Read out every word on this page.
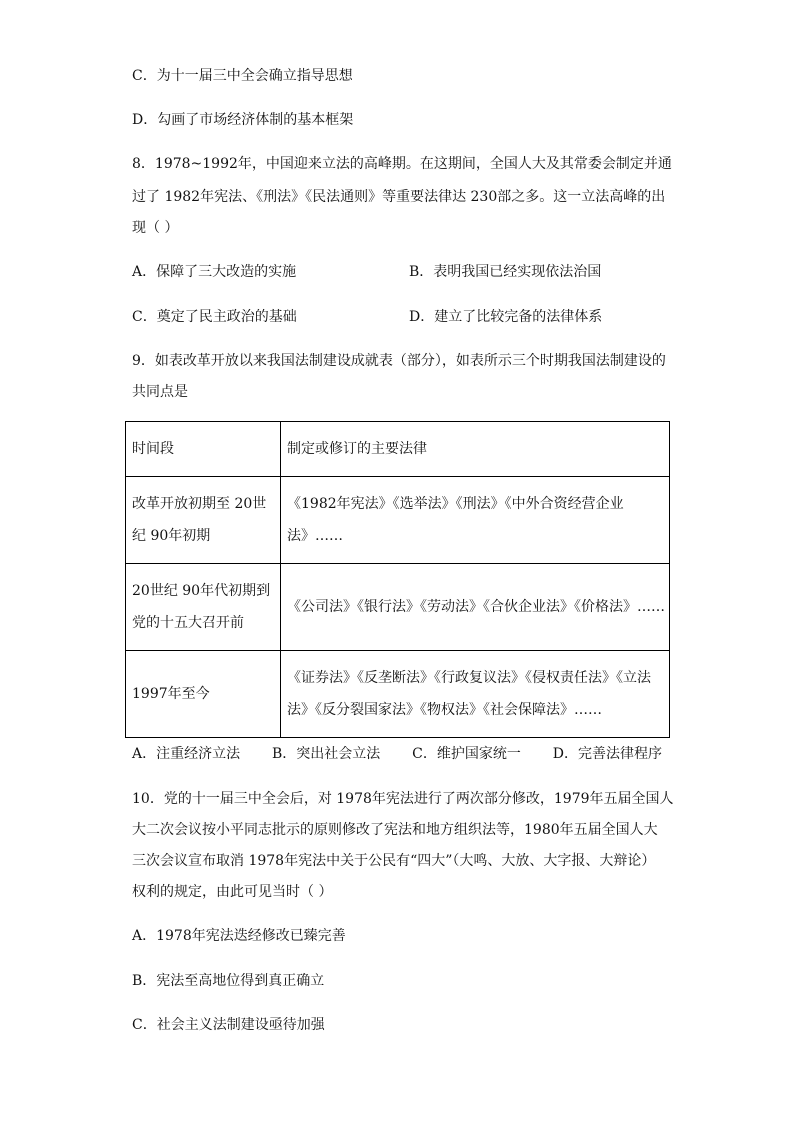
C．为十一届三中全会确立指导思想
D．勾画了市场经济体制的基本框架
8．1978~1992年，中国迎来立法的高峰期。在这期间，全国人大及其常委会制定并通
过了 1982年宪法、《刑法》《民法通则》等重要法律达 230部之多。这一立法高峰的出
现（ ）
A．保障了三大改造的实施	B．表明我国已经实现依法治国
C．奠定了民主政治的基础	D．建立了比较完备的法律体系
9．如表改革开放以来我国法制建设成就表（部分），如表所示三个时期我国法制建设的
共同点是
时间段	制定或修订的主要法律

改革开放初期至 20世纪 90年初期	《1982年宪法》《选举法》《刑法》《中外合资经营企业法》……

20世纪 90年代初期到党的十五大召开前	《公司法》《银行法》《劳动法》《合伙企业法》《价格法》……

1997年至今	《证券法》《反垄断法》《行政复议法》《侵权责任法》《立法法》《反分裂国家法》《物权法》《社会保障法》……
A．注重经济立法 B．突出社会立法 C．维护国家统一 D．完善法律程序
10．党的十一届三中全会后，对 1978年宪法进行了两次部分修改，1979年五届全国人
大二次会议按小平同志批示的原则修改了宪法和地方组织法等，1980年五届全国人大
三次会议宣布取消 1978年宪法中关于公民有“四大”（大鸣、大放、大字报、大辩论）
权利的规定，由此可见当时（ ）
A．1978年宪法迭经修改已臻完善
B．宪法至高地位得到真正确立
C．社会主义法制建设亟待加强
